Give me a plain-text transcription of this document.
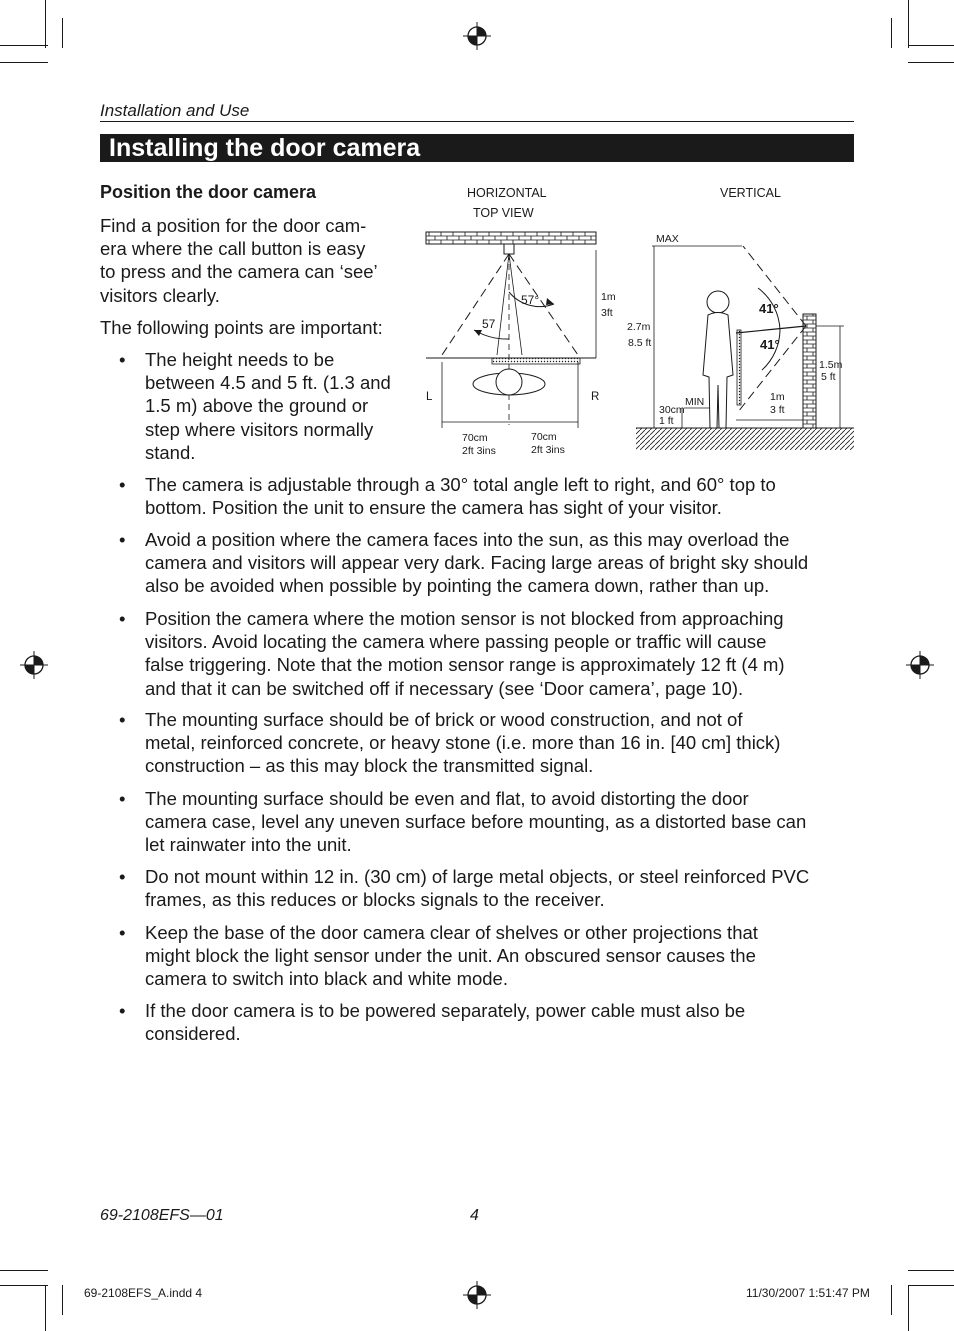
Installation and Use
Installing the door camera
Position the door camera
Find a position for the door cam-
era where the call button is easy
to press and the camera can ‘see’
visitors clearly.
The following points are important:
• The height needs to be
between 4.5 and 5 ft. (1.3 and
1.5 m) above the ground or
step where visitors normally
stand.
• The camera is adjustable through a 30° total angle left to right, and 60° top to
bottom. Position the unit to ensure the camera has sight of your visitor.
• Avoid a position where the camera faces into the sun, as this may overload the
camera and visitors will appear very dark. Facing large areas of bright sky should
also be avoided when possible by pointing the camera down, rather than up.
• Position the camera where the motion sensor is not blocked from approaching
visitors. Avoid locating the camera where passing people or traffic will cause
false triggering. Note that the motion sensor range is approximately 12 ft (4 m)
and that it can be switched off if necessary (see ‘Door camera’, page 10).
• The mounting surface should be of brick or wood construction, and not of
metal, reinforced concrete, or heavy stone (i.e. more than 16 in. [40 cm] thick)
construction – as this may block the transmitted signal.
• The mounting surface should be even and flat, to avoid distorting the door
camera case, level any uneven surface before mounting, as a distorted base can
let rainwater into the unit.
• Do not mount within 12 in. (30 cm) of large metal objects, or steel reinforced PVC
frames, as this reduces or blocks signals to the receiver.
• Keep the base of the door camera clear of shelves or other projections that
might block the light sensor under the unit. An obscured sensor causes the
camera to switch into black and white mode.
• If the door camera is to be powered separately, power cable must also be
considered.
HORIZONTAL
TOP VIEW
57°
57
1m
3ft
L	R
70cm
2ft 3ins
70cm
2ft 3ins
VERTICAL
MAX
2.7m
8.5 ft
41°
41°
1.5m
5 ft
1m
3 ft
MIN
30cm
1 ft
69-2108EFS—01	4
69-2108EFS_A.indd 4	11/30/2007 1:51:47 PM
